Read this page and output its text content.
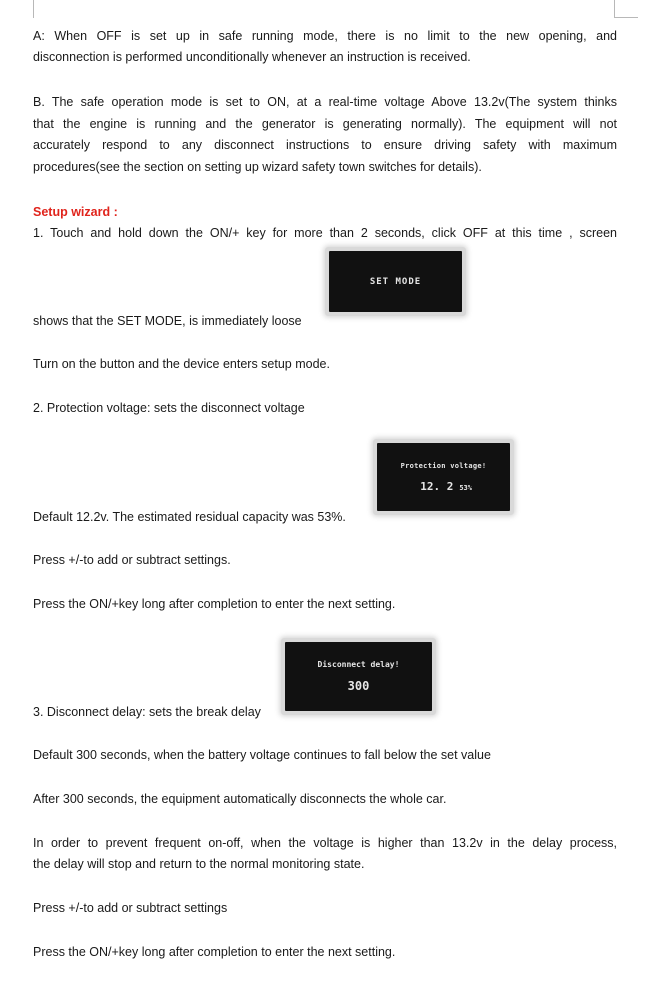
A: When OFF is set up in safe running mode, there is no limit to the new opening, and
disconnection is performed unconditionally whenever an instruction is received.
B. The safe operation mode is set to ON, at a real-time voltage Above 13.2v(The system thinks
that the engine is running and the generator is generating normally). The equipment will not
accurately respond to any disconnect instructions to ensure driving safety with maximum
procedures(see the section on setting up wizard safety town switches for details).
Setup wizard :
1. Touch and hold down the ON/+ key for more than 2 seconds, click OFF at this time , screen
SET MODE
shows that the SET MODE, is immediately loose
Turn on the button and the device enters setup mode.
2. Protection voltage: sets the disconnect voltage
Protection voltage!
12. 2 53%
Default 12.2v. The estimated residual capacity was 53%.
Press +/-to add or subtract settings.
Press the ON/+key long after completion to enter the next setting.
Disconnect delay!
300
3. Disconnect delay: sets the break delay
Default 300 seconds, when the battery voltage continues to fall below the set value
After 300 seconds, the equipment automatically disconnects the whole car.
In order to prevent frequent on-off, when the voltage is higher than 13.2v in the delay process,
the delay will stop and return to the normal monitoring state.
Press +/-to add or subtract settings
Press the ON/+key long after completion to enter the next setting.
